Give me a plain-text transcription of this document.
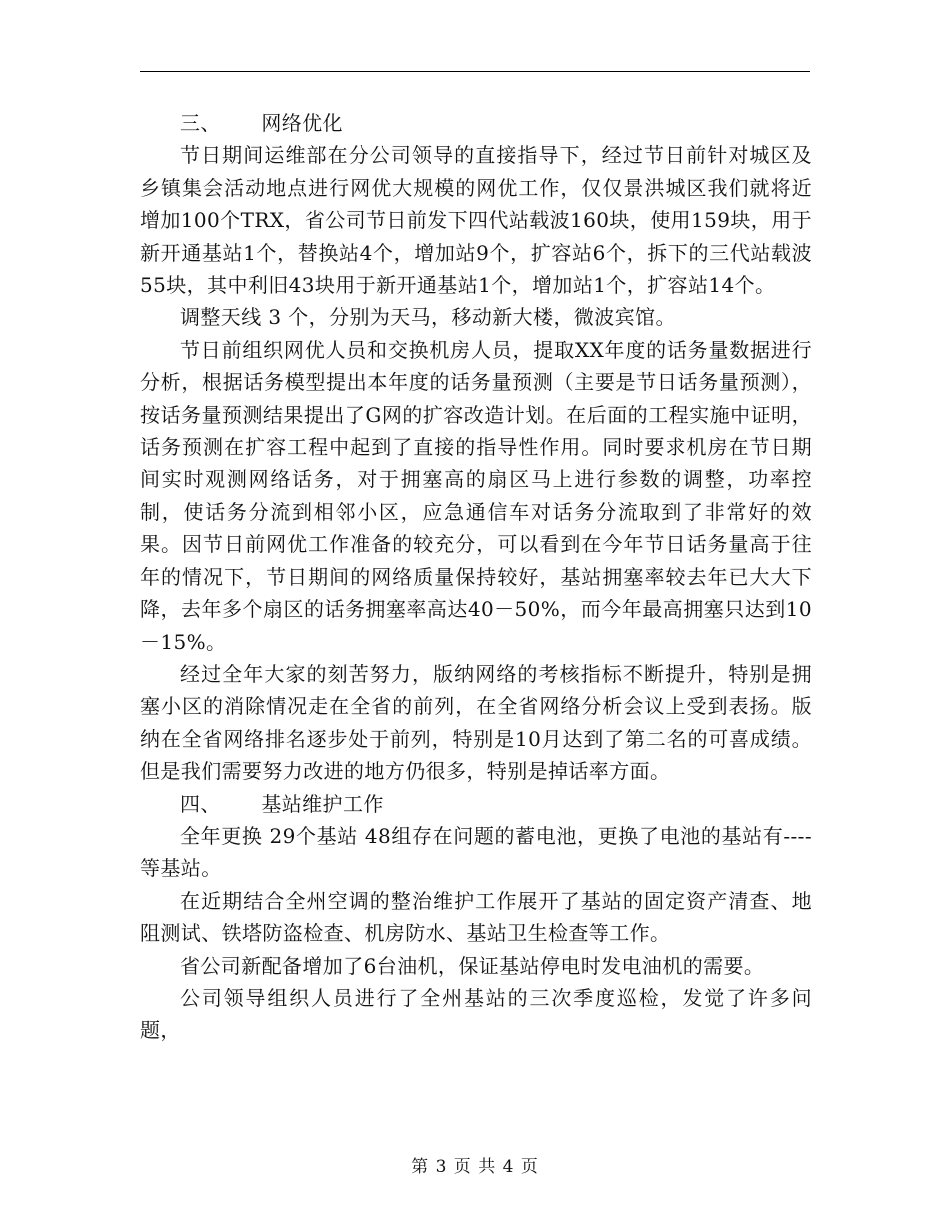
三、      网络优化

节日期间运维部在分公司领导的直接指导下，经过节日前针对城区及乡镇集会活动地点进行网优大规模的网优工作，仅仅景洪城区我们就将近增加100个TRX，省公司节日前发下四代站载波160块，使用159块，用于新开通基站1个，替换站4个，增加站9个，扩容站6个，拆下的三代站载波55块，其中利旧43块用于新开通基站1个，增加站1个，扩容站14个。

调整天线 3 个，分别为天马，移动新大楼，微波宾馆。

节日前组织网优人员和交换机房人员，提取XX年度的话务量数据进行分析，根据话务模型提出本年度的话务量预测（主要是节日话务量预测），按话务量预测结果提出了G网的扩容改造计划。在后面的工程实施中证明，话务预测在扩容工程中起到了直接的指导性作用。同时要求机房在节日期间实时观测网络话务，对于拥塞高的扇区马上进行参数的调整，功率控制，使话务分流到相邻小区，应急通信车对话务分流取到了非常好的效果。因节日前网优工作准备的较充分，可以看到在今年节日话务量高于往年的情况下，节日期间的网络质量保持较好，基站拥塞率较去年已大大下降，去年多个扇区的话务拥塞率高达40－50%，而今年最高拥塞只达到10－15%。

经过全年大家的刻苦努力，版纳网络的考核指标不断提升，特别是拥塞小区的消除情况走在全省的前列，在全省网络分析会议上受到表扬。版纳在全省网络排名逐步处于前列，特别是10月达到了第二名的可喜成绩。但是我们需要努力改进的地方仍很多，特别是掉话率方面。

四、      基站维护工作

全年更换 29个基站 48组存在问题的蓄电池，更换了电池的基站有----等基站。

在近期结合全州空调的整治维护工作展开了基站的固定资产清查、地阻测试、铁塔防盗检查、机房防水、基站卫生检查等工作。

省公司新配备增加了6台油机，保证基站停电时发电油机的需要。

公司领导组织人员进行了全州基站的三次季度巡检，发觉了许多问题，

第 3 页 共 4 页
